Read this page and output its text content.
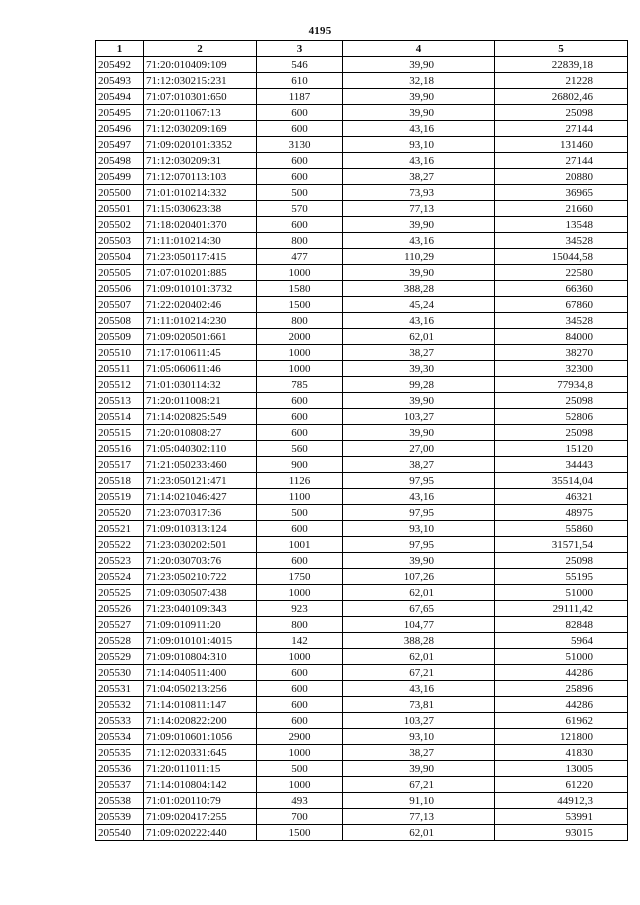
4195
1	2	3	4	5
205492	71:20:010409:109	546	39,90	22839,18
205493	71:12:030215:231	610	32,18	21228
205494	71:07:010301:650	1187	39,90	26802,46
205495	71:20:011067:13	600	39,90	25098
205496	71:12:030209:169	600	43,16	27144
205497	71:09:020101:3352	3130	93,10	131460
205498	71:12:030209:31	600	43,16	27144
205499	71:12:070113:103	600	38,27	20880
205500	71:01:010214:332	500	73,93	36965
205501	71:15:030623:38	570	77,13	21660
205502	71:18:020401:370	600	39,90	13548
205503	71:11:010214:30	800	43,16	34528
205504	71:23:050117:415	477	110,29	15044,58
205505	71:07:010201:885	1000	39,90	22580
205506	71:09:010101:3732	1580	388,28	66360
205507	71:22:020402:46	1500	45,24	67860
205508	71:11:010214:230	800	43,16	34528
205509	71:09:020501:661	2000	62,01	84000
205510	71:17:010611:45	1000	38,27	38270
205511	71:05:060611:46	1000	39,30	32300
205512	71:01:030114:32	785	99,28	77934,8
205513	71:20:011008:21	600	39,90	25098
205514	71:14:020825:549	600	103,27	52806
205515	71:20:010808:27	600	39,90	25098
205516	71:05:040302:110	560	27,00	15120
205517	71:21:050233:460	900	38,27	34443
205518	71:23:050121:471	1126	97,95	35514,04
205519	71:14:021046:427	1100	43,16	46321
205520	71:23:070317:36	500	97,95	48975
205521	71:09:010313:124	600	93,10	55860
205522	71:23:030202:501	1001	97,95	31571,54
205523	71:20:030703:76	600	39,90	25098
205524	71:23:050210:722	1750	107,26	55195
205525	71:09:030507:438	1000	62,01	51000
205526	71:23:040109:343	923	67,65	29111,42
205527	71:09:010911:20	800	104,77	82848
205528	71:09:010101:4015	142	388,28	5964
205529	71:09:010804:310	1000	62,01	51000
205530	71:14:040511:400	600	67,21	44286
205531	71:04:050213:256	600	43,16	25896
205532	71:14:010811:147	600	73,81	44286
205533	71:14:020822:200	600	103,27	61962
205534	71:09:010601:1056	2900	93,10	121800
205535	71:12:020331:645	1000	38,27	41830
205536	71:20:011011:15	500	39,90	13005
205537	71:14:010804:142	1000	67,21	61220
205538	71:01:020110:79	493	91,10	44912,3
205539	71:09:020417:255	700	77,13	53991
205540	71:09:020222:440	1500	62,01	93015
